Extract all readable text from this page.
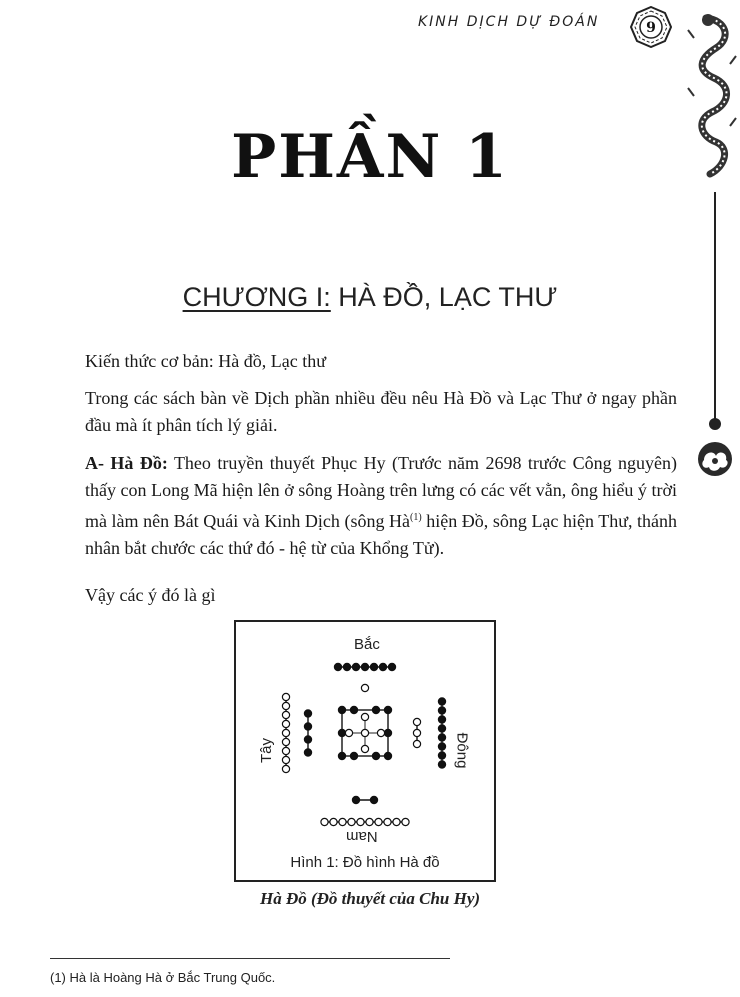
KINH DỊCH DỰ ĐOÁN	9
PHẦN 1
CHƯƠNG I: HÀ ĐỒ, LẠC THƯ
Kiến thức cơ bản: Hà đồ, Lạc thư
Trong các sách bàn về Dịch phần nhiều đều nêu Hà Đồ và Lạc Thư ở ngay phần đầu mà ít phân tích lý giải.
A- Hà Đồ: Theo truyền thuyết Phục Hy (Trước năm 2698 trước Công nguyên) thấy con Long Mã hiện lên ở sông Hoàng trên lưng có các vết vằn, ông hiểu ý trời mà làm nên Bát Quái và Kinh Dịch (sông $Hà^{(1)}$ hiện Đồ, sông Lạc hiện Thư, thánh nhân bắt chước các thứ đó - hệ từ của Khổng Tử).
Vậy các ý đó là gì
Bắc
Nam
Tây	Đông
Hình 1: Đồ hình Hà đồ
Hà Đồ (Đồ thuyết của Chu Hy)
(1) Hà là Hoàng Hà ở Bắc Trung Quốc.
